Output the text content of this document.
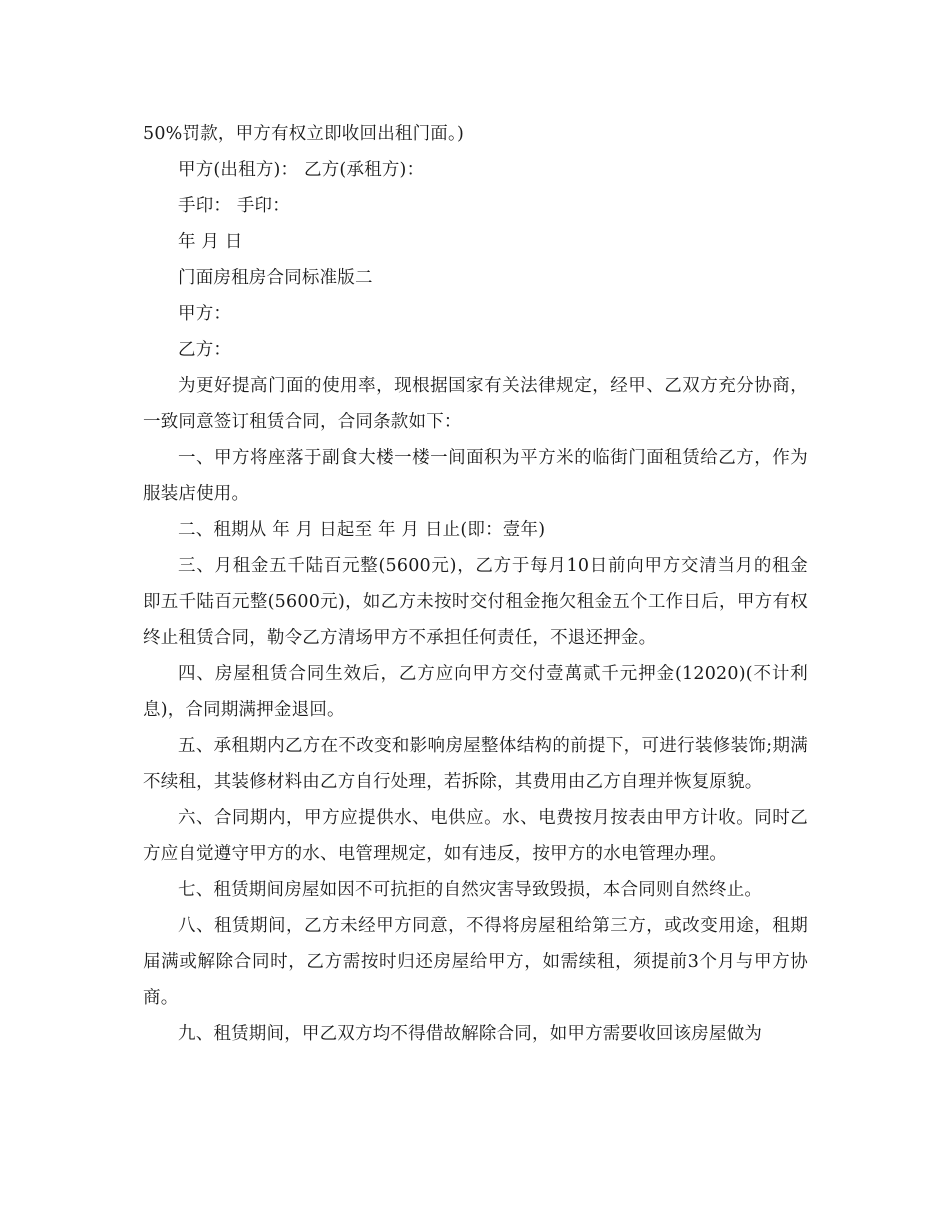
50%罚款，甲方有权立即收回出租门面。)

甲方(出租方)： 乙方(承租方)：

手印： 手印：

年 月 日

门面房租房合同标准版二

甲方：

乙方：

为更好提高门面的使用率，现根据国家有关法律规定，经甲、乙双方充分协商，一致同意签订租赁合同，合同条款如下：

一、甲方将座落于副食大楼一楼一间面积为平方米的临街门面租赁给乙方，作为服装店使用。

二、租期从 年 月 日起至 年 月 日止(即：壹年)

三、月租金五千陆百元整(5600元)，乙方于每月10日前向甲方交清当月的租金即五千陆百元整(5600元)，如乙方未按时交付租金拖欠租金五个工作日后，甲方有权终止租赁合同，勒令乙方清场甲方不承担任何责任，不退还押金。

四、房屋租赁合同生效后，乙方应向甲方交付壹萬贰千元押金(12020)(不计利息)，合同期满押金退回。

五、承租期内乙方在不改变和影响房屋整体结构的前提下，可进行装修装饰;期满不续租，其装修材料由乙方自行处理，若拆除，其费用由乙方自理并恢复原貌。

六、合同期内，甲方应提供水、电供应。水、电费按月按表由甲方计收。同时乙方应自觉遵守甲方的水、电管理规定，如有违反，按甲方的水电管理办理。

七、租赁期间房屋如因不可抗拒的自然灾害导致毁损，本合同则自然终止。

八、租赁期间，乙方未经甲方同意，不得将房屋租给第三方，或改变用途，租期届满或解除合同时，乙方需按时归还房屋给甲方，如需续租，须提前3个月与甲方协商。

九、租赁期间，甲乙双方均不得借故解除合同，如甲方需要收回该房屋做为
